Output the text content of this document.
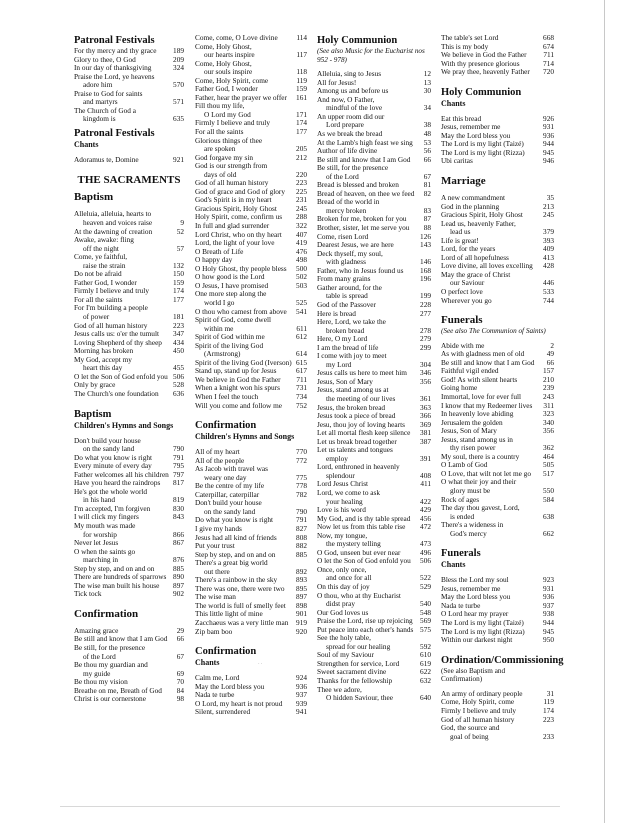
Patronal Festivals
For thy mercy and thy grace	189
Glory to thee, O God	209
In our day of thanksgiving	324
Praise the Lord, ye heavens
adore him	570
Praise to God for saints
and martyrs	571
The Church of God a
kingdom is	635
Patronal Festivals
Chants
Adoramus te, Domine	921
THE SACRAMENTS
Baptism
Alleluia, alleluia, hearts to
heaven and voices raise	9
At the dawning of creation	52
Awake, awake: fling
off the night	57
Come, ye faithful,
raise the strain	132
Do not be afraid	150
Father God, I wonder	159
Firmly I believe and truly	174
For all the saints	177
For I'm building a people
of power	181
God of all human history	223
Jesus calls us: o'er the tumult	347
Loving Shepherd of thy sheep	434
Morning has broken	450
My God, accept my
heart this day	455
O let the Son of God enfold you 506
Only by grace	528
The Church's one foundation	636
Baptism
Children's Hymns and Songs
Don't build your house
on the sandy land	790
Do what you know is right	791
Every minute of every day	795
Father welcomes all his children 797
Have you heard the raindrops	817
He's got the whole world
in his hand	819
I'm accepted, I'm forgiven	830
I will click my fingers	843
My mouth was made
for worship	866
Never let Jesus	867
O when the saints go
marching in	876
Step by step, and on and on	885
There are hundreds of sparrows 890
The wise man built his house	897
Tick tock	902
Confirmation
Amazing grace	29
Be still and know that I am God	66
Be still, for the presence
of the Lord	67
Be thou my guardian and
my guide	69
Be thou my vision	70
Breathe on me, Breath of God	84
Christ is our cornerstone	98
Come, come, O Love divine	114
Come, Holy Ghost,
our hearts inspire	117
Come, Holy Ghost,
our souls inspire	118
Come, Holy Spirit, come	119
Father God, I wonder	159
Father, hear the prayer we offer	161
Fill thou my life,
O Lord my God	171
Firmly I believe and truly	174
For all the saints	177
Glorious things of thee
are spoken	205
God forgave my sin	212
God is our strength from
days of old	220
God of all human history	223
God of grace and God of glory	225
God's Spirit is in my heart	231
Gracious Spirit, Holy Ghost	245
Holy Spirit, come, confirm us	288
In full and glad surrender	322
Lord Christ, who on thy heart	407
Lord, the light of your love	419
O Breath of Life	476
O happy day	498
O Holy Ghost, thy people bless	500
O how good is the Lord	502
O Jesus, I have promised	503
One more step along the
world I go	525
O thou who camest from above	541
Spirit of God, come dwell
within me	611
Spirit of God within me	612
Spirit of the living God
(Armstrong)	614
Spirit of the living God (Iverson) 615
Stand up, stand up for Jesus	617
We believe in God the Father	711
When a knight won his spurs	731
When I feel the touch	734
Will you come and follow me	752
Confirmation
Children's Hymns and Songs
All of my heart	770
All of the people	772
As Jacob with travel was
weary one day	775
Be the centre of my life	778
Caterpillar, caterpillar	782
Don't build your house
on the sandy land	790
Do what you know is right	791
I give my hands	827
Jesus had all kind of friends	808
Put your trust	882
Step by step, and on and on	885
There's a great big world
out there	892
There's a rainbow in the sky	893
There was one, there were two	895
The wise man	897
The world is full of smelly feet	898
This little light of mine	901
Zacchaeus was a very little man	919
Zip bam boo	920
Confirmation
Chants
Calm me, Lord	924
May the Lord bless you	936
Nada te turbe	937
O Lord, my heart is not proud	939
Silent, surrendered	941
Holy Communion
(See also Music for the Eucharist nos
952 - 978)
Alleluia, sing to Jesus	12
All for Jesus!	13
Among us and before us	30
And now, O Father,
mindful of the love	34
An upper room did our
Lord prepare	38
As we break the bread	48
At the Lamb's high feast we sing	53
Author of life divine	56
Be still and know that I am God	66
Be still, for the presence
of the Lord	67
Bread is blessed and broken	81
Bread of heaven, on thee we feed	82
Bread of the world in
mercy broken	83
Broken for me, broken for you	87
Brother, sister, let me serve you	88
Come, risen Lord	126
Dearest Jesus, we are here	143
Deck thyself, my soul,
with gladness	146
Father, who in Jesus found us	168
From many grains	196
Gather around, for the
table is spread	199
God of the Passover	228
Here is bread	277
Here, Lord, we take the
broken bread	278
Here, O my Lord	279
I am the bread of life	299
I come with joy to meet
my Lord	304
Jesus calls us here to meet him	346
Jesus, Son of Mary	356
Jesus, stand among us at
the meeting of our lives	361
Jesus, the broken bread	363
Jesus took a piece of bread	366
Jesu, thou joy of loving hearts	369
Let all mortal flesh keep silence	381
Let us break bread together	387
Let us talents and tongues
employ	391
Lord, enthroned in heavenly
splendour	408
Lord Jesus Christ	411
Lord, we come to ask
your healing	422
Love is his word	429
My God, and is thy table spread	456
Now let us from this table rise	472
Now, my tongue,
the mystery telling	473
O God, unseen but ever near	496
O let the Son of God enfold you	506
Once, only once,
and once for all	522
On this day of joy	529
O thou, who at thy Eucharist
didst pray	540
Our God loves us	548
Praise the Lord, rise up rejoicing	569
Put peace into each other's hands 575
See the holy table,
spread for our healing	592
Soul of my Saviour	610
Strengthen for service, Lord	619
Sweet sacrament divine	622
Thanks for the fellowship	632
Thee we adore,
O hidden Saviour, thee	640
The table's set Lord	668
This is my body	674
We believe in God the Father	711
With thy presence glorious	714
We pray thee, heavenly Father	720
Holy Communion
Chants
Eat this bread	926
Jesus, remember me	931
May the Lord bless you	936
The Lord is my light (Taizé)	944
The Lord is my light (Rizza)	945
Ubi caritas	946
Marriage
A new commandment	35
God in the planning	213
Gracious Spirit, Holy Ghost	245
Lead us, heavenly Father,
lead us	379
Life is great!	393
Lord, for the years	409
Lord of all hopefulness	413
Love divine, all loves excelling	428
May the grace of Christ
our Saviour	446
O perfect love	533
Wherever you go	744
Funerals
(See also The Communion of Saints)
Abide with me	2
As with gladness men of old	49
Be still and know that I am God	66
Faithful vigil ended	157
God! As with silent hearts	210
Going home	239
Immortal, love for ever full	243
I know that my Redeemer lives	311
In heavenly love abiding	323
Jerusalem the golden	340
Jesus, Son of Mary	356
Jesus, stand among us in
thy risen power	362
My soul, there is a country	464
O Lamb of God	505
O Love, that wilt not let me go	517
O what their joy and their
glory must be	550
Rock of ages	584
The day thou gavest, Lord,
is ended	638
There's a wideness in
God's mercy	662
Funerals
Chants
Bless the Lord my soul	923
Jesus, remember me	931
May the Lord bless you	936
Nada te turbe	937
O Lord hear my prayer	938
The Lord is my light (Taizé)	944
The Lord is my light (Rizza)	945
Within our darkest night	950
Ordination/Commissioning
(See also Baptism and
Confirmation)
An army of ordinary people	31
Come, Holy Spirit, come	119
Firmly I believe and truly	174
God of all human history	223
God, the source and
goal of being	233
· ·
